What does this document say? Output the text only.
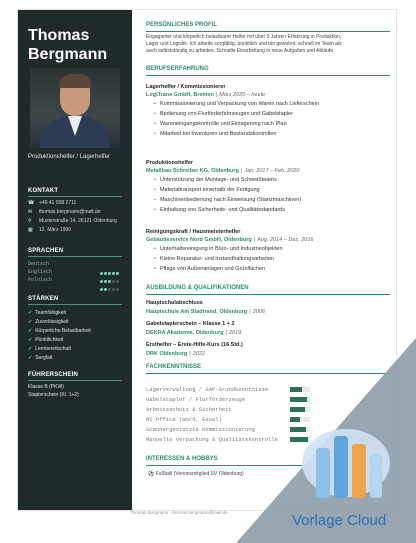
Thomas
Bergmann
Produktionshelfer / Lagerhelfer
KONTAKT
☎ +49 41 938 2711
✉	thomas.bergmann@mail.de
⚲	Musterstraße 14, 26121 Oldenburg
▦	12. März 1990
SPRACHEN
Deutsch
Englisch
Polnisch
STÄRKEN
✓ Teamfähigkeit
✓ Zuverlässigkeit
✓ Körperliche Belastbarkeit
✓ Pünktlichkeit
✓ Lernbereitschaft
✓ Sorgfalt
FÜHRERSCHEIN
Klasse B (PKW)
Staplerschein (Kl. 1+2)
PERSÖNLICHES PROFIL
Engagierter und körperlich belastbarer Helfer mit über 5 Jahren Erfahrung in Produktion,
Lager und Logistik. Ich arbeite sorgfältig, pünktlich und bin gewohnt, schnell im Team als
auch selbstständig zu arbeiten. Schnelle Einarbeitung in neue Aufgaben und Abläufe.
BERUFSERFAHRUNG
Lagerhelfer / Kommissionierer
LogiTrans GmbH, Bremen | März 2020 – heute
• Kommissionierung und Verpackung von Waren nach Lieferschein
• Bedienung von Flurförderfahrzeugen und Gabelstapler
• Wareneingangskontrolle und Einlagerung nach Plan
• Mitarbeit bei Inventuren und Bestandskontrollen
Produktionshelfer
Metallbau Schreiber KG, Oldenburg | Jan. 2017 – Feb. 2020
• Unterstützung der Montage- und Schweißteams
• Materialtransport innerhalb der Fertigung
• Maschinenbedienung nach Einweisung (Stanzmaschinen)
• Einhaltung von Sicherheits- und Qualitätsstandards
Reinigungskraft / Hausmeisterhelfer
Gebäudeservice Nord GmbH, Oldenburg | Aug. 2014 – Dez. 2016
• Unterhaltsreinigung in Büro- und Industrieobjekten
• Kleine Reparatur- und Instandhaltungsarbeiten
• Pflege von Außenanlagen und Grünflächen
AUSBILDUNG & QUALIFIKATIONEN
Hauptschulabschluss
Hauptschule Am Stadtrand, Oldenburg | 2006
Gabelstaplerschein – Klasse 1 + 2
DEKRA Akademie, Oldenburg | 2019
Ersthelfer – Erste-Hilfe-Kurs (16 Std.)
DRK Oldenburg | 2022
FACHKENNTNISSE
Lagerverwaltung / SAP-Grundkenntnisse
Gabelstapler / Flurförderzeuge
Arbeitsschutz & Sicherheit
MS Office (Word, Excel)
Scannergestützte Kommissionierung
Manuelle Verpackung & Qualitätskontrolle
INTERESSEN & HOBBYS
⚽ Fußball (Vereinsmitglied SV Oldenburg)
Thomas Bergmann · thomas.bergmann@mail.de	Vorlage Cloud
